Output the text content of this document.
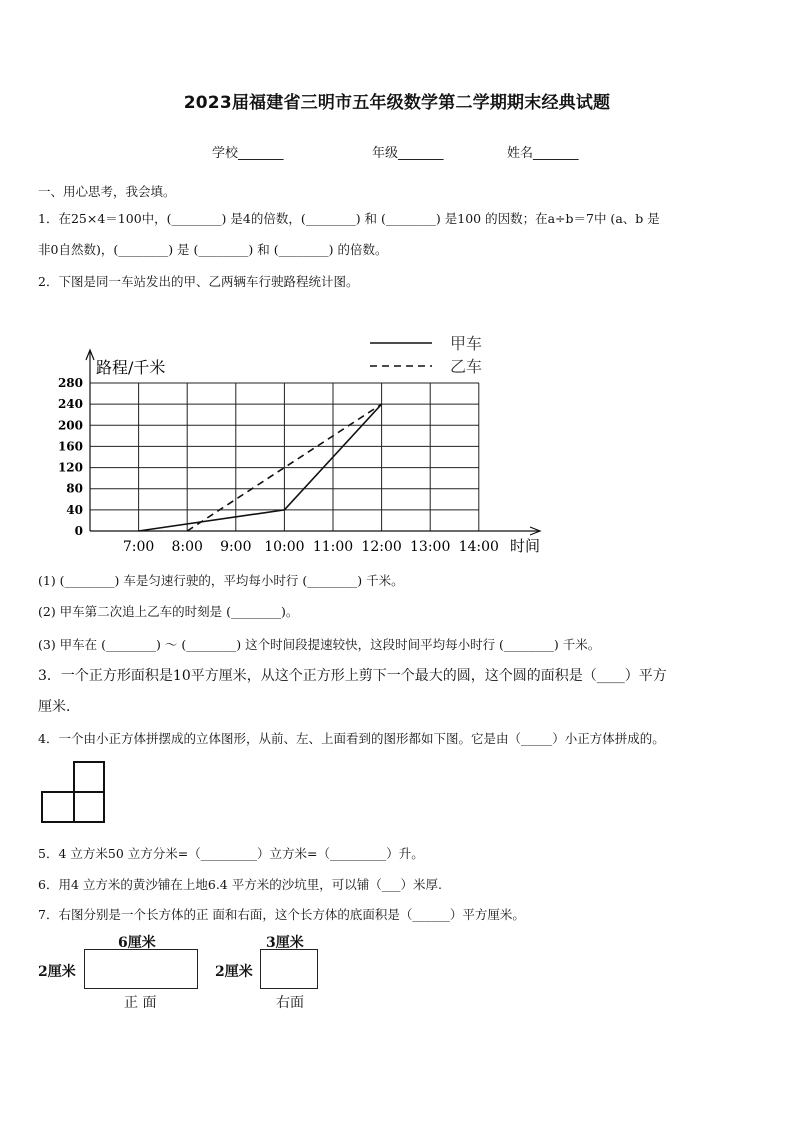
2023届福建省三明市五年级数学第二学期期末经典试题
学校_______	年级_______	姓名_______
一、用心思考，我会填。
1．在25×4＝100中，(________) 是4的倍数，(________) 和 (________) 是100 的因数；在a÷b＝7中 (a、b 是
非0自然数)，(________) 是 (________) 和 (________) 的倍数。
2．下图是同一车站发出的甲、乙两辆车行驶路程统计图。
0
40
80
120
160
200
240
280
7:00 8:00 9:00 10:00 11:00 12:00 13:00 14:00
路程/千米
时间
甲车
乙车
(1) (________) 车是匀速行驶的，平均每小时行 (________) 千米。
(2) 甲车第二次追上乙车的时刻是 (________)。
(3) 甲车在 (________) ～ (________) 这个时间段提速较快，这段时间平均每小时行 (________) 千米。
3．一个正方形面积是10平方厘米，从这个正方形上剪下一个最大的圆，这个圆的面积是（____）平方
厘米．
4．一个由小正方体拼摆成的立体图形，从前、左、上面看到的图形都如下图。它是由（_____）小正方体拼成的。
5．4 立方米50 立方分米=（_________）立方米=（_________）升。
6．用4 立方米的黄沙铺在上地6.4 平方米的沙坑里，可以铺（___）米厚.
7．右图分别是一个长方体的正 面和右面，这个长方体的底面积是（______）平方厘米。
6厘米
2厘米
正 面
3厘米
2厘米
右面
